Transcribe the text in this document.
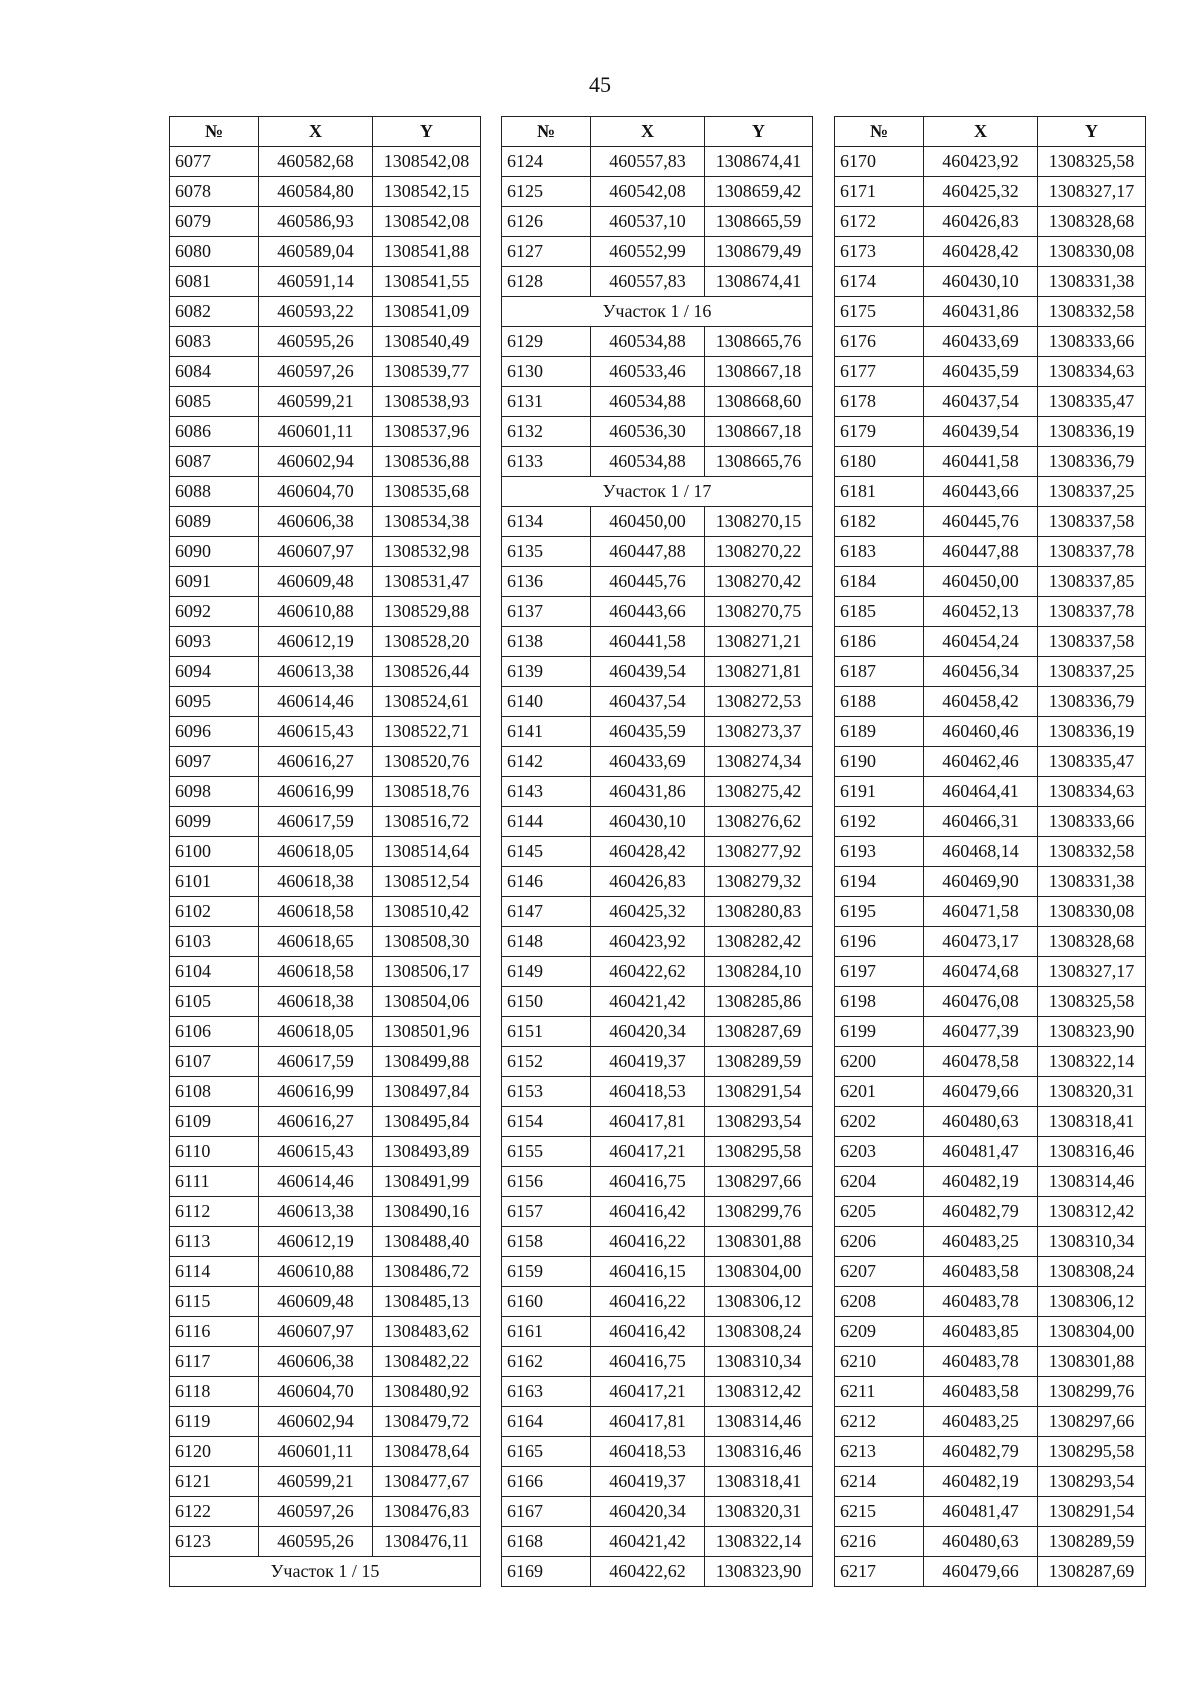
45
№	X	Y
6077	460582,68	1308542,08
6078	460584,80	1308542,15
6079	460586,93	1308542,08
6080	460589,04	1308541,88
6081	460591,14	1308541,55
6082	460593,22	1308541,09
6083	460595,26	1308540,49
6084	460597,26	1308539,77
6085	460599,21	1308538,93
6086	460601,11	1308537,96
6087	460602,94	1308536,88
6088	460604,70	1308535,68
6089	460606,38	1308534,38
6090	460607,97	1308532,98
6091	460609,48	1308531,47
6092	460610,88	1308529,88
6093	460612,19	1308528,20
6094	460613,38	1308526,44
6095	460614,46	1308524,61
6096	460615,43	1308522,71
6097	460616,27	1308520,76
6098	460616,99	1308518,76
6099	460617,59	1308516,72
6100	460618,05	1308514,64
6101	460618,38	1308512,54
6102	460618,58	1308510,42
6103	460618,65	1308508,30
6104	460618,58	1308506,17
6105	460618,38	1308504,06
6106	460618,05	1308501,96
6107	460617,59	1308499,88
6108	460616,99	1308497,84
6109	460616,27	1308495,84
6110	460615,43	1308493,89
6111	460614,46	1308491,99
6112	460613,38	1308490,16
6113	460612,19	1308488,40
6114	460610,88	1308486,72
6115	460609,48	1308485,13
6116	460607,97	1308483,62
6117	460606,38	1308482,22
6118	460604,70	1308480,92
6119	460602,94	1308479,72
6120	460601,11	1308478,64
6121	460599,21	1308477,67
6122	460597,26	1308476,83
6123	460595,26	1308476,11
Участок 1 / 15		
№	X	Y
6124	460557,83	1308674,41
6125	460542,08	1308659,42
6126	460537,10	1308665,59
6127	460552,99	1308679,49
6128	460557,83	1308674,41
Участок 1 / 16		
6129	460534,88	1308665,76
6130	460533,46	1308667,18
6131	460534,88	1308668,60
6132	460536,30	1308667,18
6133	460534,88	1308665,76
Участок 1 / 17		
6134	460450,00	1308270,15
6135	460447,88	1308270,22
6136	460445,76	1308270,42
6137	460443,66	1308270,75
6138	460441,58	1308271,21
6139	460439,54	1308271,81
6140	460437,54	1308272,53
6141	460435,59	1308273,37
6142	460433,69	1308274,34
6143	460431,86	1308275,42
6144	460430,10	1308276,62
6145	460428,42	1308277,92
6146	460426,83	1308279,32
6147	460425,32	1308280,83
6148	460423,92	1308282,42
6149	460422,62	1308284,10
6150	460421,42	1308285,86
6151	460420,34	1308287,69
6152	460419,37	1308289,59
6153	460418,53	1308291,54
6154	460417,81	1308293,54
6155	460417,21	1308295,58
6156	460416,75	1308297,66
6157	460416,42	1308299,76
6158	460416,22	1308301,88
6159	460416,15	1308304,00
6160	460416,22	1308306,12
6161	460416,42	1308308,24
6162	460416,75	1308310,34
6163	460417,21	1308312,42
6164	460417,81	1308314,46
6165	460418,53	1308316,46
6166	460419,37	1308318,41
6167	460420,34	1308320,31
6168	460421,42	1308322,14
6169	460422,62	1308323,90
№	X	Y
6170	460423,92	1308325,58
6171	460425,32	1308327,17
6172	460426,83	1308328,68
6173	460428,42	1308330,08
6174	460430,10	1308331,38
6175	460431,86	1308332,58
6176	460433,69	1308333,66
6177	460435,59	1308334,63
6178	460437,54	1308335,47
6179	460439,54	1308336,19
6180	460441,58	1308336,79
6181	460443,66	1308337,25
6182	460445,76	1308337,58
6183	460447,88	1308337,78
6184	460450,00	1308337,85
6185	460452,13	1308337,78
6186	460454,24	1308337,58
6187	460456,34	1308337,25
6188	460458,42	1308336,79
6189	460460,46	1308336,19
6190	460462,46	1308335,47
6191	460464,41	1308334,63
6192	460466,31	1308333,66
6193	460468,14	1308332,58
6194	460469,90	1308331,38
6195	460471,58	1308330,08
6196	460473,17	1308328,68
6197	460474,68	1308327,17
6198	460476,08	1308325,58
6199	460477,39	1308323,90
6200	460478,58	1308322,14
6201	460479,66	1308320,31
6202	460480,63	1308318,41
6203	460481,47	1308316,46
6204	460482,19	1308314,46
6205	460482,79	1308312,42
6206	460483,25	1308310,34
6207	460483,58	1308308,24
6208	460483,78	1308306,12
6209	460483,85	1308304,00
6210	460483,78	1308301,88
6211	460483,58	1308299,76
6212	460483,25	1308297,66
6213	460482,79	1308295,58
6214	460482,19	1308293,54
6215	460481,47	1308291,54
6216	460480,63	1308289,59
6217	460479,66	1308287,69
